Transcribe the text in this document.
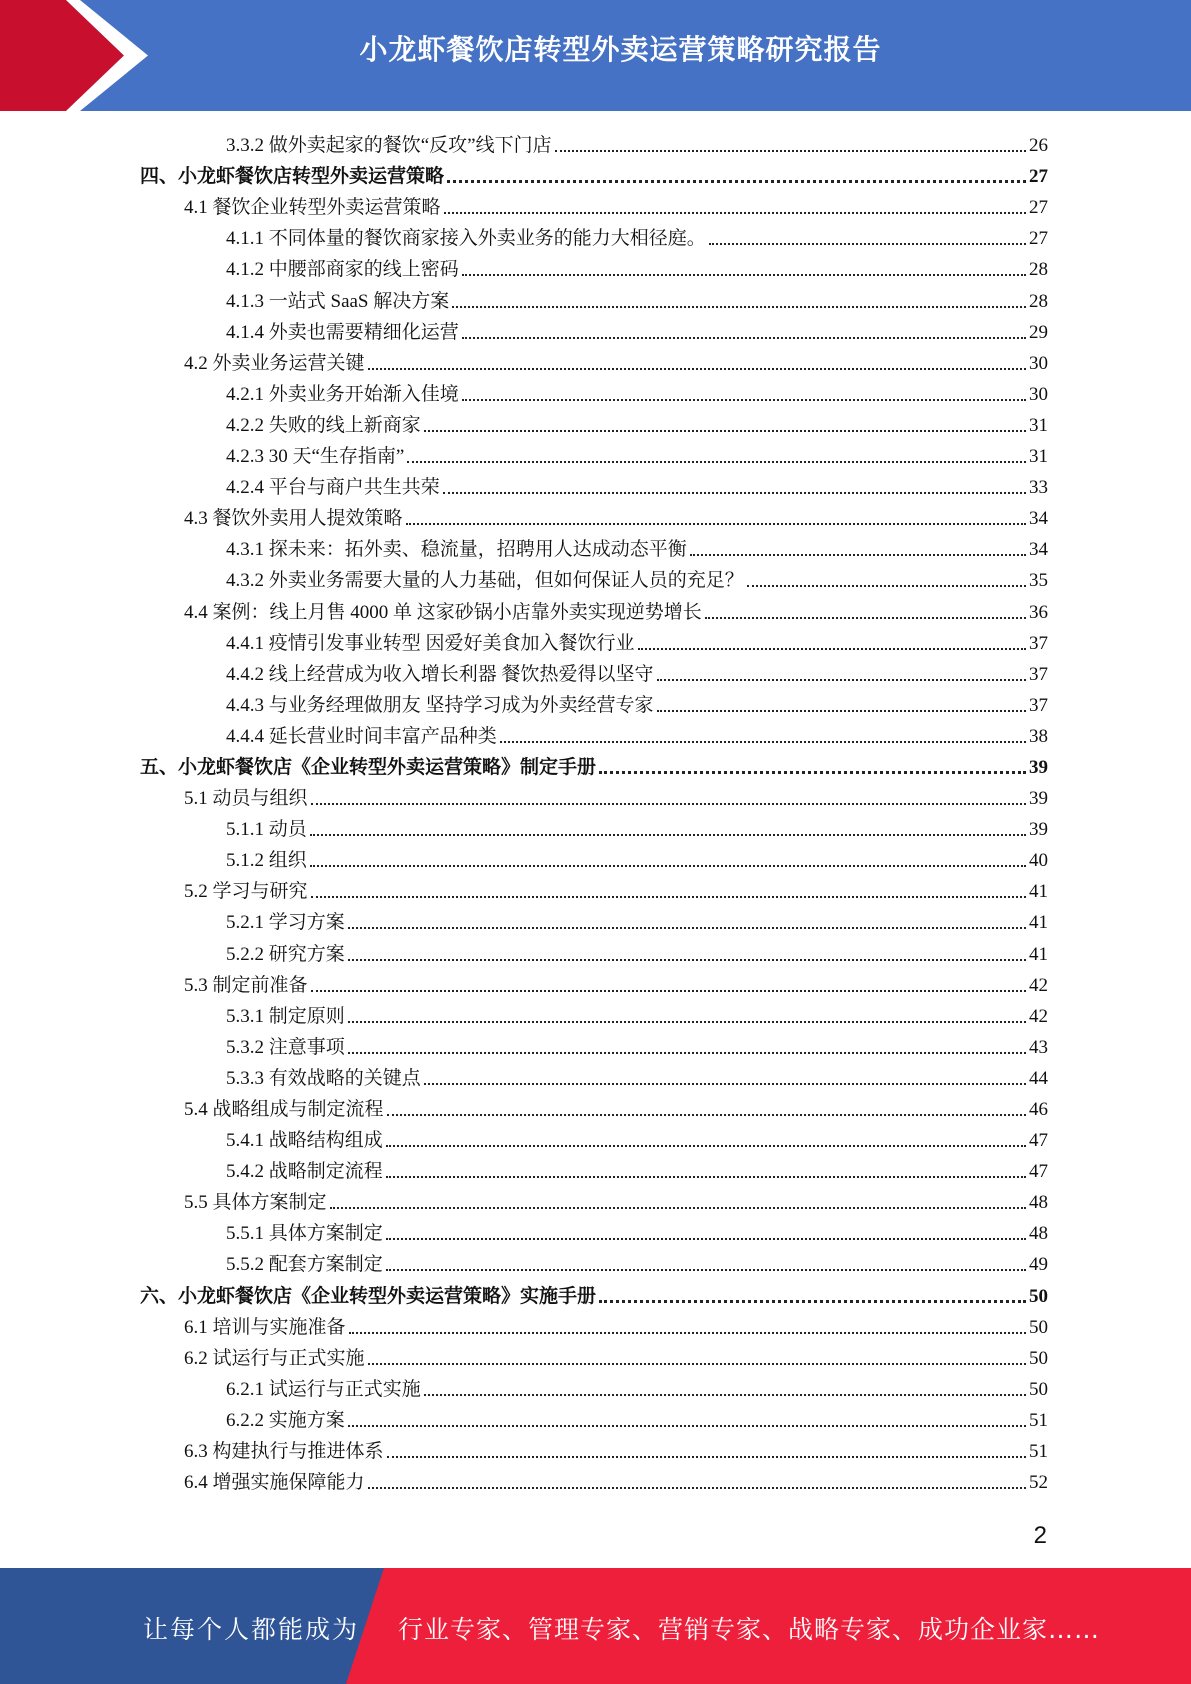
小龙虾餐饮店转型外卖运营策略研究报告
3.3.2 做外卖起家的餐饮“反攻”线下门店	26
四、小龙虾餐饮店转型外卖运营策略	27
4.1 餐饮企业转型外卖运营策略	27
4.1.1 不同体量的餐饮商家接入外卖业务的能力大相径庭。	27
4.1.2 中腰部商家的线上密码	28
4.1.3 一站式 SaaS 解决方案	28
4.1.4 外卖也需要精细化运营	29
4.2 外卖业务运营关键	30
4.2.1 外卖业务开始渐入佳境	30
4.2.2 失败的线上新商家	31
4.2.3 30 天“生存指南”	31
4.2.4 平台与商户共生共荣	33
4.3 餐饮外卖用人提效策略	34
4.3.1 探未来：拓外卖、稳流量，招聘用人达成动态平衡	34
4.3.2 外卖业务需要大量的人力基础，但如何保证人员的充足？	35
4.4 案例：线上月售 4000 单 这家砂锅小店靠外卖实现逆势增长	36
4.4.1 疫情引发事业转型 因爱好美食加入餐饮行业	37
4.4.2 线上经营成为收入增长利器 餐饮热爱得以坚守	37
4.4.3 与业务经理做朋友 坚持学习成为外卖经营专家	37
4.4.4 延长营业时间丰富产品种类	38
五、小龙虾餐饮店《企业转型外卖运营策略》制定手册	39
5.1 动员与组织	39
5.1.1 动员	39
5.1.2 组织	40
5.2 学习与研究	41
5.2.1 学习方案	41
5.2.2 研究方案	41
5.3 制定前准备	42
5.3.1 制定原则	42
5.3.2 注意事项	43
5.3.3 有效战略的关键点	44
5.4 战略组成与制定流程	46
5.4.1 战略结构组成	47
5.4.2 战略制定流程	47
5.5 具体方案制定	48
5.5.1 具体方案制定	48
5.5.2 配套方案制定	49
六、小龙虾餐饮店《企业转型外卖运营策略》实施手册	50
6.1 培训与实施准备	50
6.2 试运行与正式实施	50
6.2.1 试运行与正式实施	50
6.2.2 实施方案	51
6.3 构建执行与推进体系	51
6.4 增强实施保障能力	52
2
让每个人都能成为 行业专家、管理专家、营销专家、战略专家、成功企业家……
